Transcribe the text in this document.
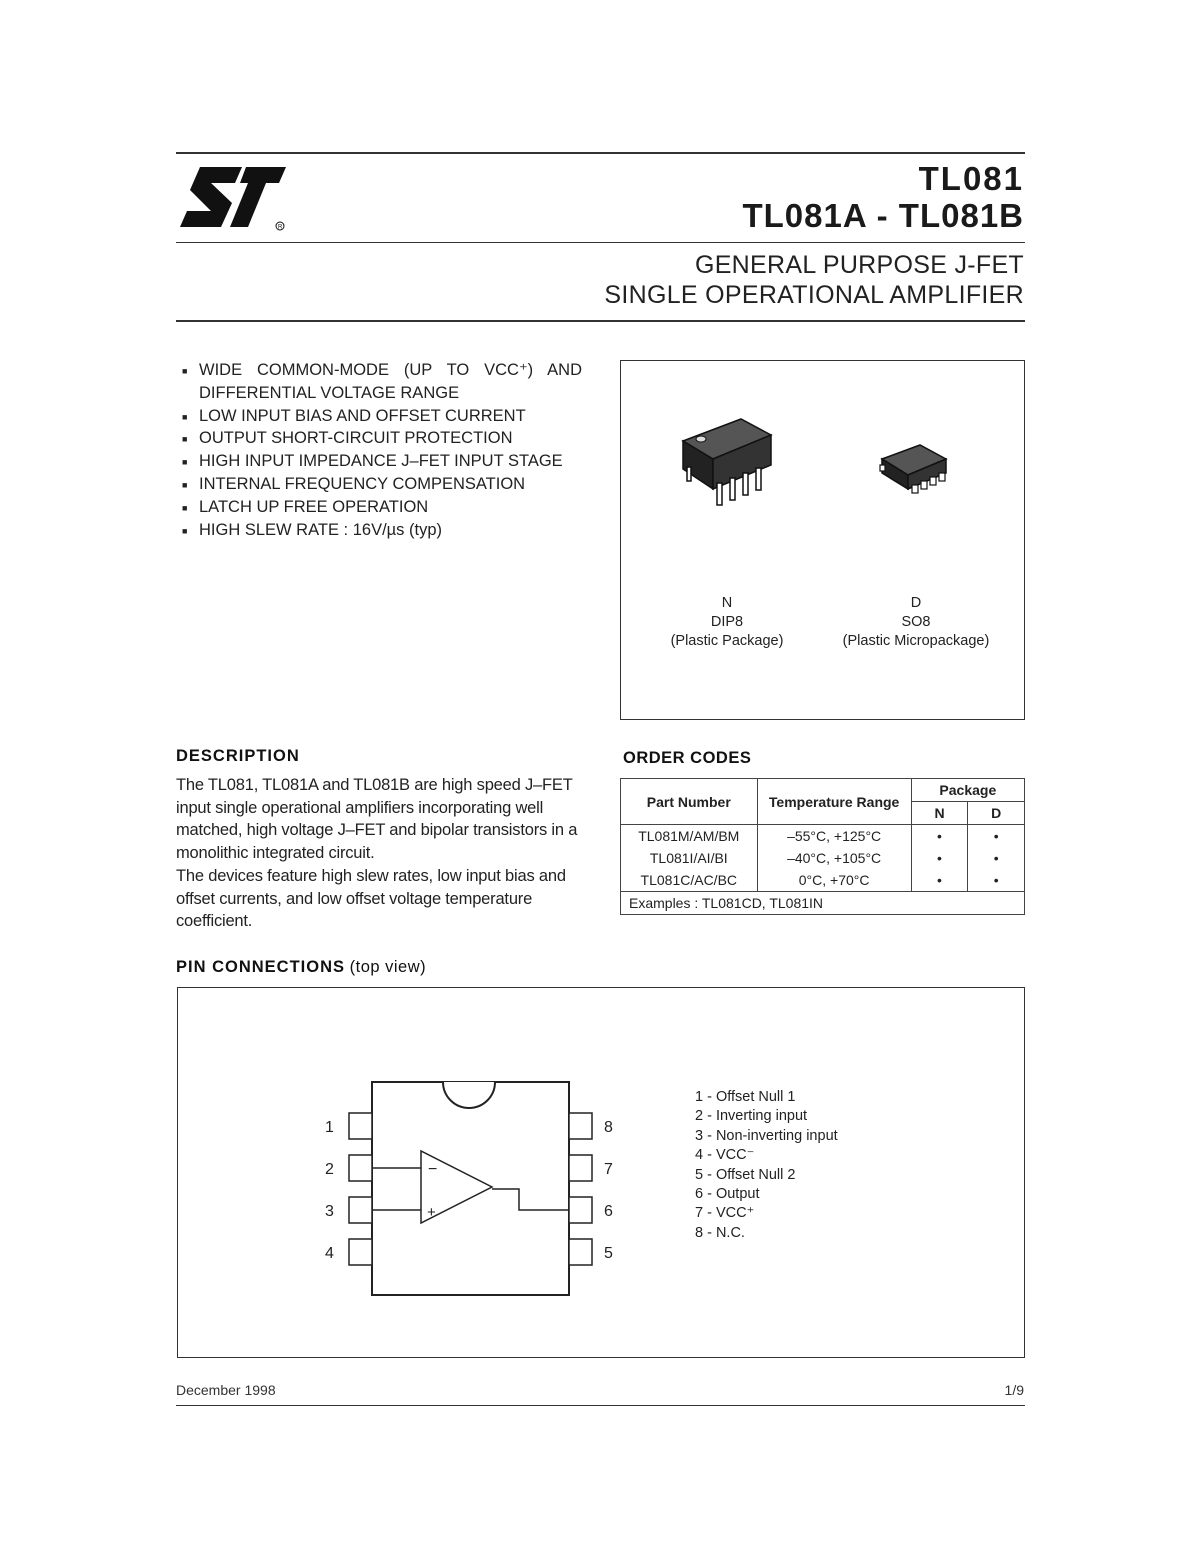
R
TL081
TL081A - TL081B
GENERAL PURPOSE J-FET
SINGLE OPERATIONAL AMPLIFIER
■ WIDE COMMON-MODE (UP TO VCC⁺) AND DIFFERENTIAL VOLTAGE RANGE
■ LOW INPUT BIAS AND OFFSET CURRENT
■ OUTPUT SHORT-CIRCUIT PROTECTION
■ HIGH INPUT IMPEDANCE J–FET INPUT STAGE
■ INTERNAL FREQUENCY COMPENSATION
■ LATCH UP FREE OPERATION
■ HIGH SLEW RATE : 16V/µs (typ)
N
DIP8
(Plastic Package)
D
SO8
(Plastic Micropackage)
DESCRIPTION

The TL081, TL081A and TL081B are high speed J–FET input single operational amplifiers incorporating well matched, high voltage J–FET and bipolar transistors in a monolithic integrated circuit.

The devices feature high slew rates, low input bias and offset currents, and low offset voltage temperature coefficient.

ORDER CODES
Part Number	Temperature Range	Package	
		N	D
TL081M/AM/BM	–55°C, +125°C	•	•
TL081I/AI/BI	–40°C, +105°C	•	•
TL081C/AC/BC	0°C, +70°C	•	•
Examples : TL081CD, TL081IN			
PIN CONNECTIONS (top view)
−
+
1
2
3
4
8
7
6
5
1 - Offset Null 1
2 - Inverting input
3 - Non-inverting input
4 - VCC⁻
5 - Offset Null 2
6 - Output
7 - VCC⁺
8 - N.C.
December 1998	1/9
